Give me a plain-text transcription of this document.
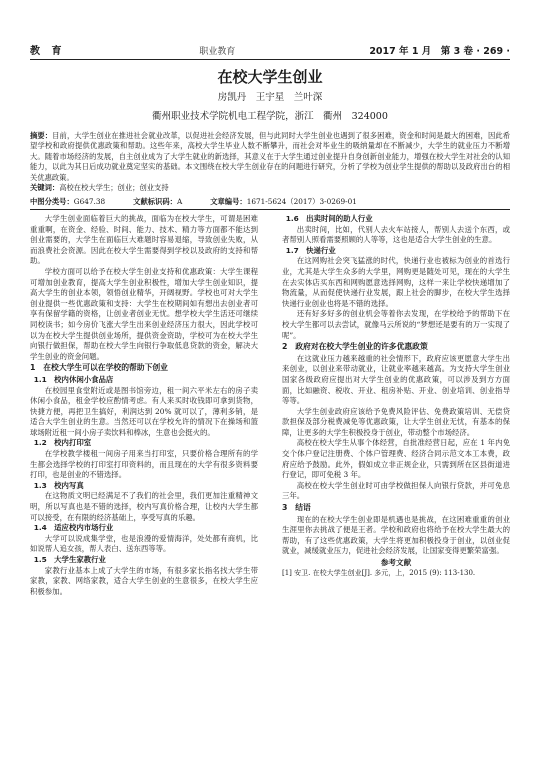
教 育	职业教育	2017 年 1 月　第 3 卷 · 269 ·
在校大学生创业
房凯丹　王宇星　兰叶深
衢州职业技术学院机电工程学院，浙江　衢州　324000
摘要：目前，大学生创业在推进社会就业改革，以促进社会经济发展，但与此同时大学生创业也遇到了很多困难，资金和时间是最大的困难，因此希望学校和政府提供优惠政策和帮助。这些年来，高校大学生毕业人数不断攀升，而社会对毕业生的吸纳量却在不断减少，大学生的就业压力不断增大。随着市场经济的发展，自主创业成为了大学生就业的新选择，其意义在于大学生通过创业提升自身创新创业能力，增强在校大学生对社会的认知能力，以此为其日后成功就业奠定坚实的基础。本文围绕在校大学生创业存在的问题进行研究，分析了学校为创业学生提供的帮助以及政府出台的相关优惠政策。
关键词：高校在校大学生；创业；创业支持
中图分类号：G647.38	文献标识码：A	文章编号：1671-5624（2017）3-0269-01

大学生创业面临着巨大的挑战，面临为在校大学生，可谓是困难重重啊，在资金、经验、时间、能力、技术、精力等方面都不能达到创业需要的，大学生在面临巨大难题时容易退缩，导致创业失败，从而浪费社会资源。因此在校大学生需要得到学校以及政府的支持和帮助。

学校方面可以给予在校大学生创业支持和优惠政策：大学生课程可增加创业教育，提高大学生创业积极性，增加大学生创业知识，提高大学生的创业本领，领悟创业精华，开阔视野。学校也可对大学生创业提供一些优惠政策和支持：大学生在校期间如有想出去创业者可享有保留学籍的资格，让创业者创业无忧。想学校大学生活还可继续同校读书；如今房价飞涨大学生出来创业经济压力很大，因此学校可以为在校大学生提供创业场所，提供资金资助，学校可为在校大学生向银行做担保，帮助在校大学生向银行争取低息贷款的资金，解决大学生创业的资金问题。

1　在校大学生可以在学校的帮助下创业
1.1　校内休闲小食品店

在校园里食堂附近或是图书馆旁边，租一间六平米左右的房子卖休闲小食品，租金学校应酌情考虑。有人来买时收钱即可拿到货物，快捷方便，再把卫生搞好，利润达到 20% 就可以了，薄利多销，是适合大学生创业的生意。当然还可以在学校允许的情况下在操场和篮球场附近租一间小房子卖饮料和棒冰，生意也会挺火的。

1.2　校内打印室

在学校教学楼租一间房子用来当打印室，只要价格合理所有的学生都会选择学校的打印室打印资料的，而且现在的大学有很多资料要打印，也是创业的不错选择。

1.3　校内写真

在这物质文明已经满足不了我们的社会里，我们更加注重精神文明，所以写真也是不错的选择，校内写真价格合理，让校内大学生都可以接受，在有限的经济基础上，享受写真的乐趣。

1.4　适应校内市场行业

大学可以说成集学堂，也是浪漫的爱情海洋，处处都有商机，比如说帮人追女孩，帮人表白、送东西等等。

1.5　大学生家教行业

家教行业基本上成了大学生的市场，有很多家长指名找大学生带家教，家教、网络家教，适合大学生创业的生意很多，在校大学生应积极参加。

1.6　出卖时间的助人行业

出卖时间，比如，代别人去火车站接人，帮别人去送个东西，或者帮别人照看需要照顾的人等等，这也是适合大学生创业的生意。

1.7　快递行业

在这网购社会突飞猛涨的时代，快递行业也被标为创业的首选行业，尤其是大学生众多的大学里，网购更是随处可见，现在的大学生在去实体店买东西和网购愿意选择网购，这样一来让学校快递增加了物流量，从而促使快递行业发展，跟上社会的脚步，在校大学生选择快递行业创业也将是不错的选择。

还有好多好多的创业机会等着你去发现，在学校给予的帮助下在校大学生都可以去尝试，就像马云所说的“梦想还是要有的万一实现了呢”。

2　政府对在校大学生创业的许多优惠政策

在这就业压力越来越重的社会情形下，政府应该更愿意大学生出来创业，以创业来带动就业，让就业率越来越高。为支持大学生创业国家各级政府应提出对大学生创业的优惠政策，可以涉及到方方面面，比如融资、税收、开业、租房补贴、开业、创业培训、创业指导等等。

大学生创业政府应该给予免费风险评估、免费政策培训、无偿贷款担保及部分税费减免等优惠政策，让大学生创业无忧，有基本的保障，让更多的大学生积极投身于创业，带动整个市场经济。

高校在校大学生从事个体经营，自批准经营日起，应在 1 年内免交个体户登记注册费、个体户管理费、经济合同示范文本工本费，政府应给予鼓励。此外，假如成立非正规企业，只需到所在区县街道进行登记，即可免税 3 年。

高校在校大学生创业时可由学校做担保人向银行贷款，并可免息三年。

3　结语

现在的在校大学生创业即是机遇也是挑战，在这困难重重的创业生涯里你去挑战了便是王者。学校和政府也将给予在校大学生最大的帮助，有了这些优惠政策，大学生将更加积极投身于创业，以创业促就业，减缓就业压力，促进社会经济发展，让国家变得更繁荣富强。

参考文献

[1] 安卫. 在校大学生创业[J]. 多元，上，2015 (9): 113-130.
